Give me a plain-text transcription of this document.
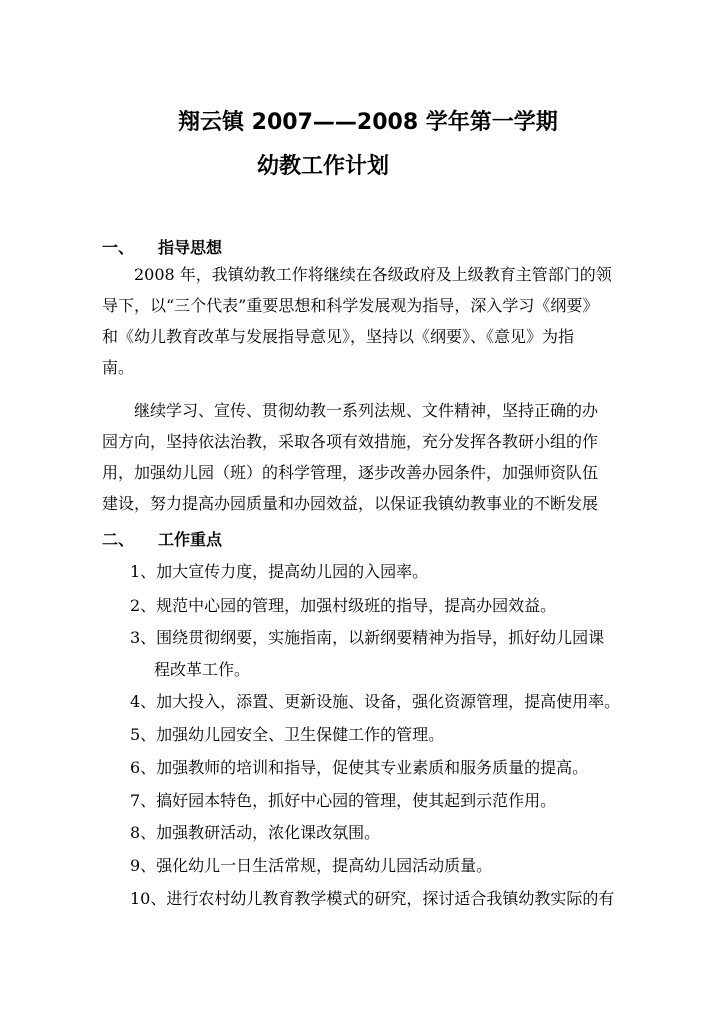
翔云镇 2007——2008 学年第一学期
幼教工作计划
一、 指导思想
2008 年，我镇幼教工作将继续在各级政府及上级教育主管部门的领
导下，以“三个代表”重要思想和科学发展观为指导，深入学习《纲要》
和《幼儿教育改革与发展指导意见》，坚持以《纲要》、《意见》为指
南。
继续学习、宣传、贯彻幼教一系列法规、文件精神，坚持正确的办
园方向，坚持依法治教，采取各项有效措施，充分发挥各教研小组的作
用，加强幼儿园（班）的科学管理，逐步改善办园条件，加强师资队伍
建设，努力提高办园质量和办园效益，以保证我镇幼教事业的不断发展
二、 工作重点
1、加大宣传力度，提高幼儿园的入园率。
2、规范中心园的管理，加强村级班的指导，提高办园效益。
3、围绕贯彻纲要，实施指南，以新纲要精神为指导，抓好幼儿园课
程改革工作。
4、加大投入，添置、更新设施、设备，强化资源管理，提高使用率。
5、加强幼儿园安全、卫生保健工作的管理。
6、加强教师的培训和指导，促使其专业素质和服务质量的提高。
7、搞好园本特色，抓好中心园的管理，使其起到示范作用。
8、加强教研活动，浓化课改氛围。
9、强化幼儿一日生活常规，提高幼儿园活动质量。
10、进行农村幼儿教育教学模式的研究，探讨适合我镇幼教实际的有
